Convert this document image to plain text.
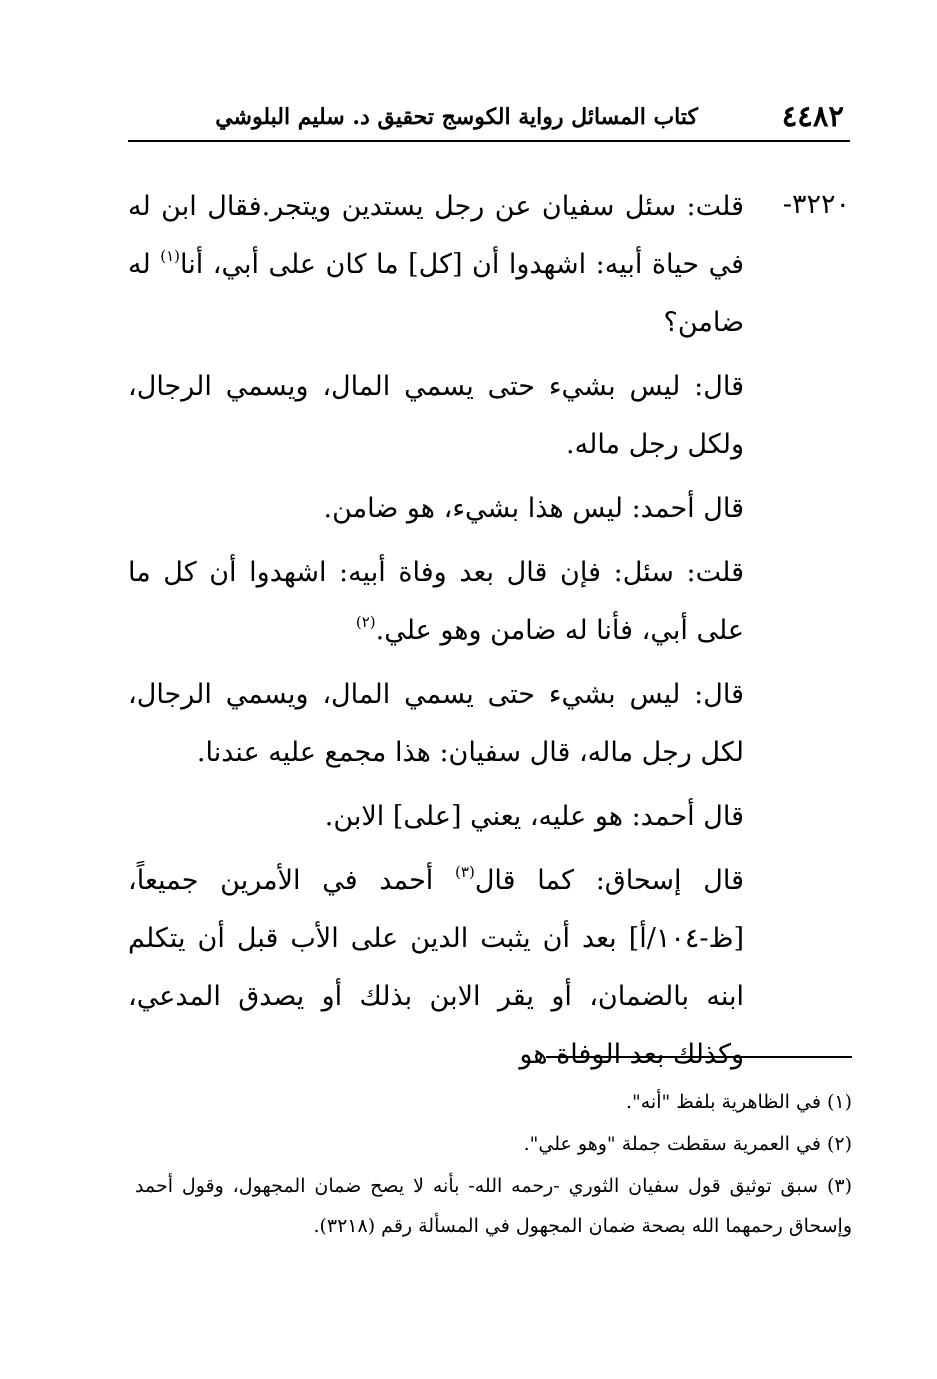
٤٤٨٢
كتاب المسائل رواية الكوسج تحقيق د. سليم البلوشي
٣٢٢٠-
قلت: سئل سفيان عن رجل يستدين ويتجر.فقال ابن له في حياة أبيه: اشهدوا أن [كل] ما كان على أبي، أنا$^{(١)}$ له ضامن؟
قال: ليس بشيء حتى يسمي المال، ويسمي الرجال، ولكل رجل ماله.
قال أحمد: ليس هذا بشيء، هو ضامن.
قلت: سئل: فإن قال بعد وفاة أبيه: اشهدوا أن كل ما على أبي، فأنا له ضامن وهو علي.$^{(٢)}$
قال: ليس بشيء حتى يسمي المال، ويسمي الرجال، لكل رجل ماله، قال سفيان: هذا مجمع عليه عندنا.
قال أحمد: هو عليه، يعني [على] الابن.
قال إسحاق: كما قال$^{(٣)}$ أحمد في الأمرين جميعاً، [ظ-١٠٤/أ] بعد أن يثبت الدين على الأب قبل أن يتكلم ابنه بالضمان، أو يقر الابن بذلك أو يصدق المدعي، وكذلك بعد الوفاة هو
(١) في الظاهرية بلفظ "أنه".
(٢) في العمرية سقطت جملة "وهو علي".
(٣) سبق توثيق قول سفيان الثوري -رحمه الله- بأنه لا يصح ضمان المجهول، وقول أحمد وإسحاق رحمهما الله بصحة ضمان المجهول في المسألة رقم (٣٢١٨).
